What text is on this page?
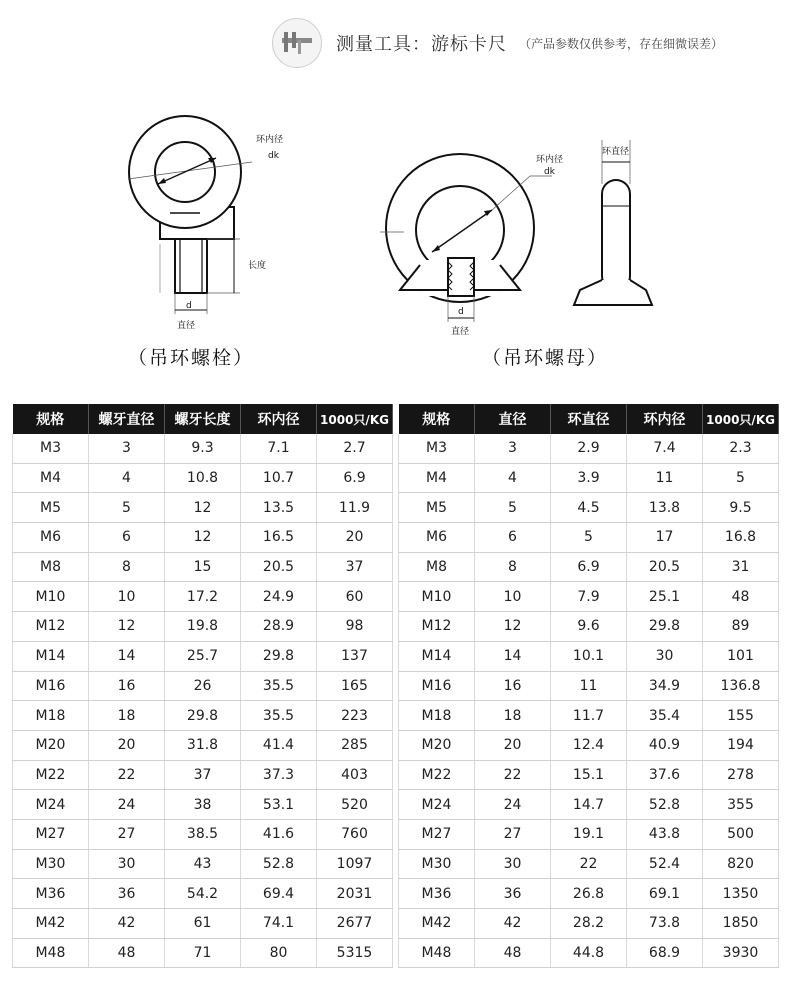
测量工具：游标卡尺 （产品参数仅供参考，存在细微误差）
环内径
dk
长度
d
直径
（吊环螺栓）
环内径
dk
环直径
d
直径
（吊环螺母）
规格	螺牙直径	螺牙长度	环内径	1000只/KG
M3	3	9.3	7.1	2.7
M4	4	10.8	10.7	6.9
M5	5	12	13.5	11.9
M6	6	12	16.5	20
M8	8	15	20.5	37
M10	10	17.2	24.9	60
M12	12	19.8	28.9	98
M14	14	25.7	29.8	137
M16	16	26	35.5	165
M18	18	29.8	35.5	223
M20	20	31.8	41.4	285
M22	22	37	37.3	403
M24	24	38	53.1	520
M27	27	38.5	41.6	760
M30	30	43	52.8	1097
M36	36	54.2	69.4	2031
M42	42	61	74.1	2677
M48	48	71	80	5315
规格	直径	环直径	环内径	1000只/KG
M3	3	2.9	7.4	2.3
M4	4	3.9	11	5
M5	5	4.5	13.8	9.5
M6	6	5	17	16.8
M8	8	6.9	20.5	31
M10	10	7.9	25.1	48
M12	12	9.6	29.8	89
M14	14	10.1	30	101
M16	16	11	34.9	136.8
M18	18	11.7	35.4	155
M20	20	12.4	40.9	194
M22	22	15.1	37.6	278
M24	24	14.7	52.8	355
M27	27	19.1	43.8	500
M30	30	22	52.4	820
M36	36	26.8	69.1	1350
M42	42	28.2	73.8	1850
M48	48	44.8	68.9	3930
